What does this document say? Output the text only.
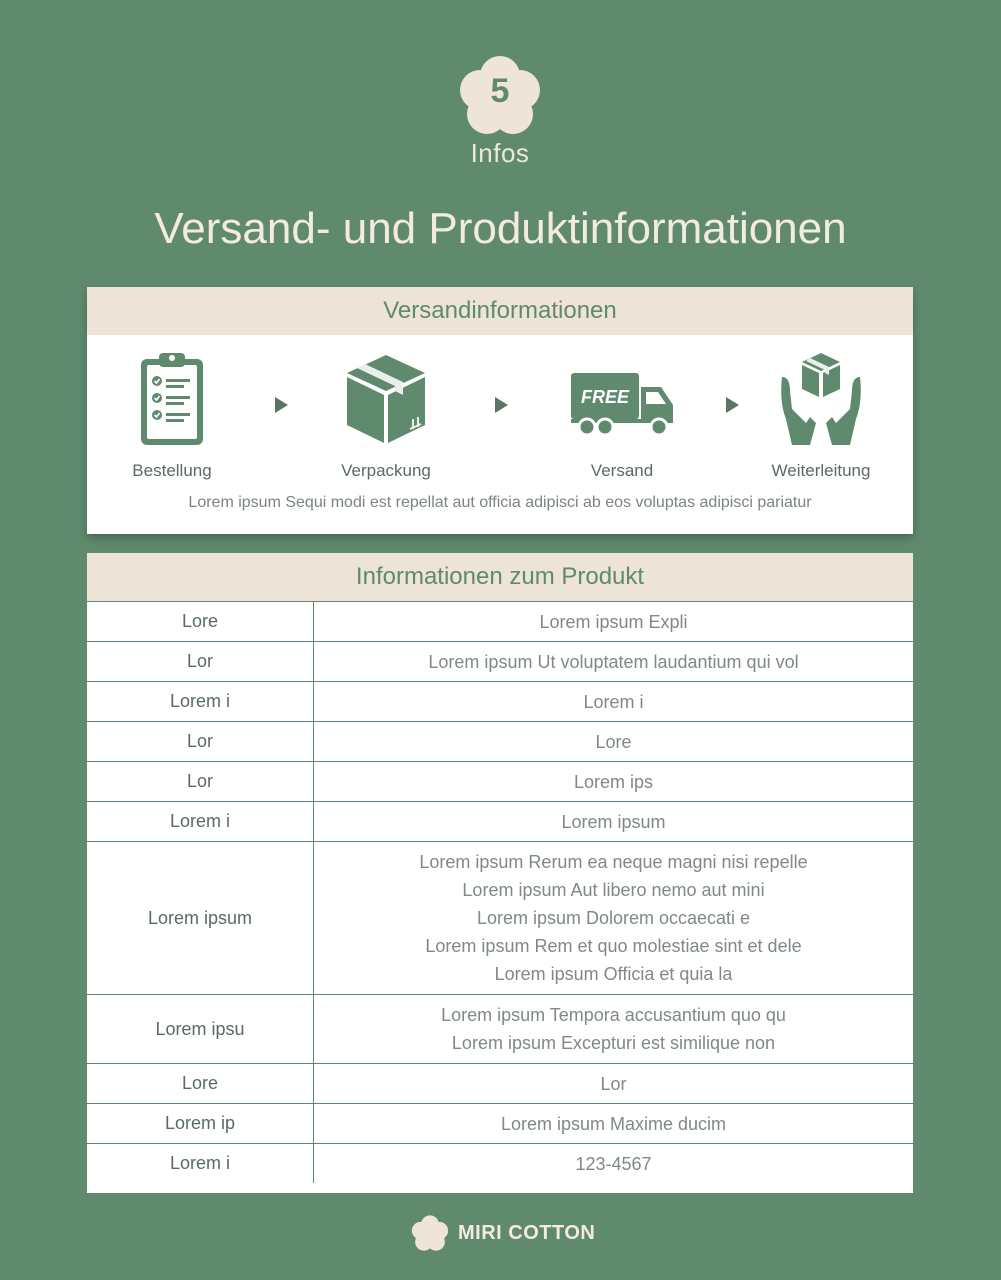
5
Infos
Versand- und Produktinformationen
Versandinformationen
Bestellung	Verpackung
FREE
Versand	Weiterleitung
Lorem ipsum Sequi modi est repellat aut officia adipisci ab eos voluptas adipisci pariatur
Informationen zum Produkt
Lore	Lorem ipsum Expli

Lor	Lorem ipsum Ut voluptatem laudantium qui vol

Lorem i	Lorem i

Lor	Lore

Lor	Lorem ips

Lorem i	Lorem ipsum

Lorem ipsum	Lorem ipsum Rerum ea neque magni nisi repelle
Lorem ipsum Aut libero nemo aut mini
Lorem ipsum Dolorem occaecati e
Lorem ipsum Rem et quo molestiae sint et dele
Lorem ipsum Officia et quia la

Lorem ipsu	Lorem ipsum Tempora accusantium quo qu
Lorem ipsum Excepturi est similique non

Lore	Lor

Lorem ip	Lorem ipsum Maxime ducim

Lorem i	123-4567
MIRI COTTON
